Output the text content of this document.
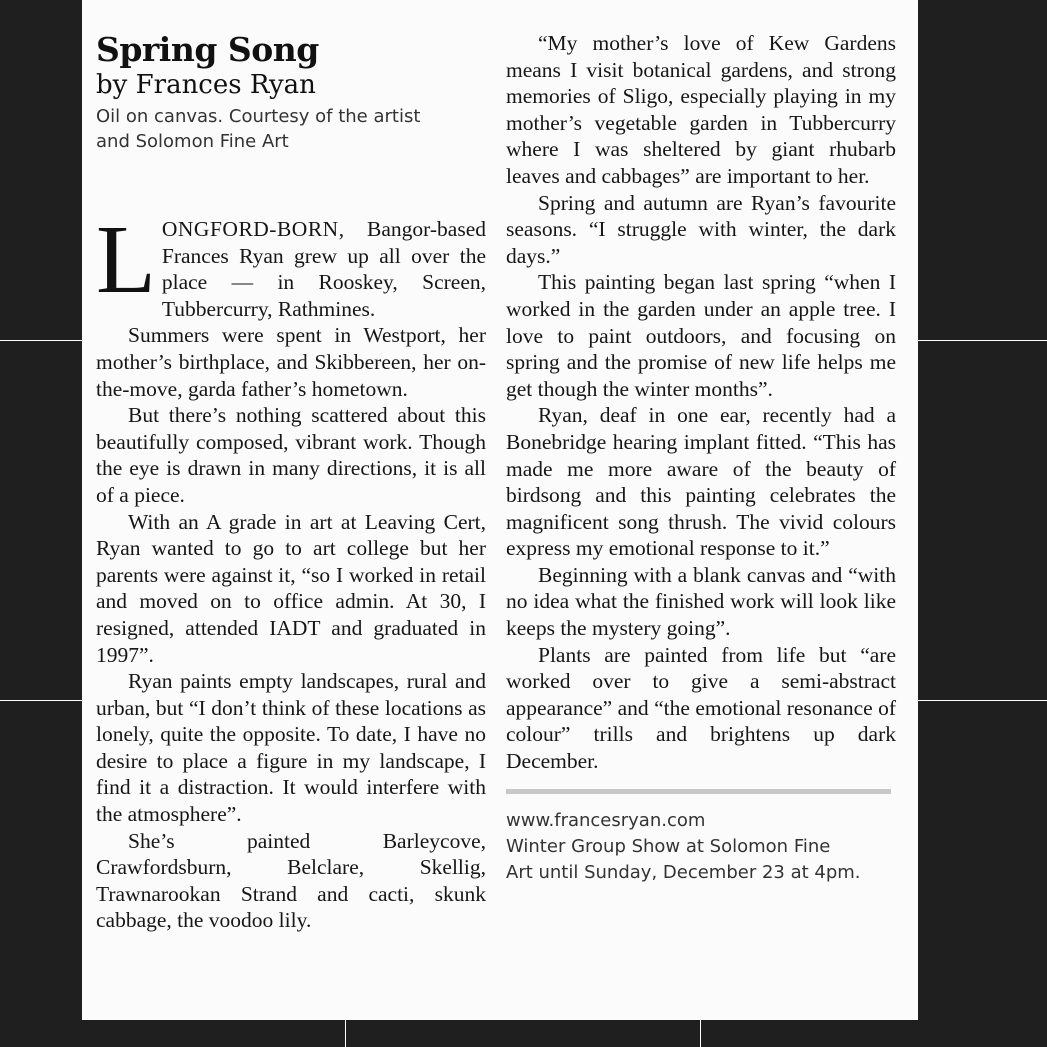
Spring Song
by Frances Ryan

Oil on canvas. Courtesy of the artist
and Solomon Fine Art

LONGFORD-BORN, Bangor-based Frances Ryan grew up all over the place — in Rooskey, Screen, Tubbercurry, Rathmines.

Summers were spent in Westport, her mother’s birthplace, and Skibbereen, her on-the-move, garda father’s hometown.

But there’s nothing scattered about this beautifully composed, vibrant work. Though the eye is drawn in many directions, it is all of a piece.

With an A grade in art at Leaving Cert, Ryan wanted to go to art college but her parents were against it, “so I worked in retail and moved on to office admin. At 30, I resigned, attended IADT and graduated in 1997”.

Ryan paints empty landscapes, rural and urban, but “I don’t think of these locations as lonely, quite the opposite. To date, I have no desire to place a figure in my landscape, I find it a distraction. It would interfere with the atmosphere”.

She’s painted Barleycove, Crawfordsburn, Belclare, Skellig, Trawnarookan Strand and cacti, skunk cabbage, the voodoo lily.

“My mother’s love of Kew Gardens means I visit botanical gardens, and strong memories of Sligo, especially playing in my mother’s vegetable garden in Tubbercurry where I was sheltered by giant rhubarb leaves and cabbages” are important to her.

Spring and autumn are Ryan’s favourite seasons. “I struggle with winter, the dark days.”

This painting began last spring “when I worked in the garden under an apple tree. I love to paint outdoors, and focusing on spring and the promise of new life helps me get though the winter months”.

Ryan, deaf in one ear, recently had a Bonebridge hearing implant fitted. “This has made me more aware of the beauty of birdsong and this painting celebrates the magnificent song thrush. The vivid colours express my emotional response to it.”

Beginning with a blank canvas and “with no idea what the finished work will look like keeps the mystery going”.

Plants are painted from life but “are worked over to give a semi-abstract appearance” and “the emotional resonance of colour” trills and brightens up dark December.

www.francesryan.com
Winter Group Show at Solomon Fine
Art until Sunday, December 23 at 4pm.
